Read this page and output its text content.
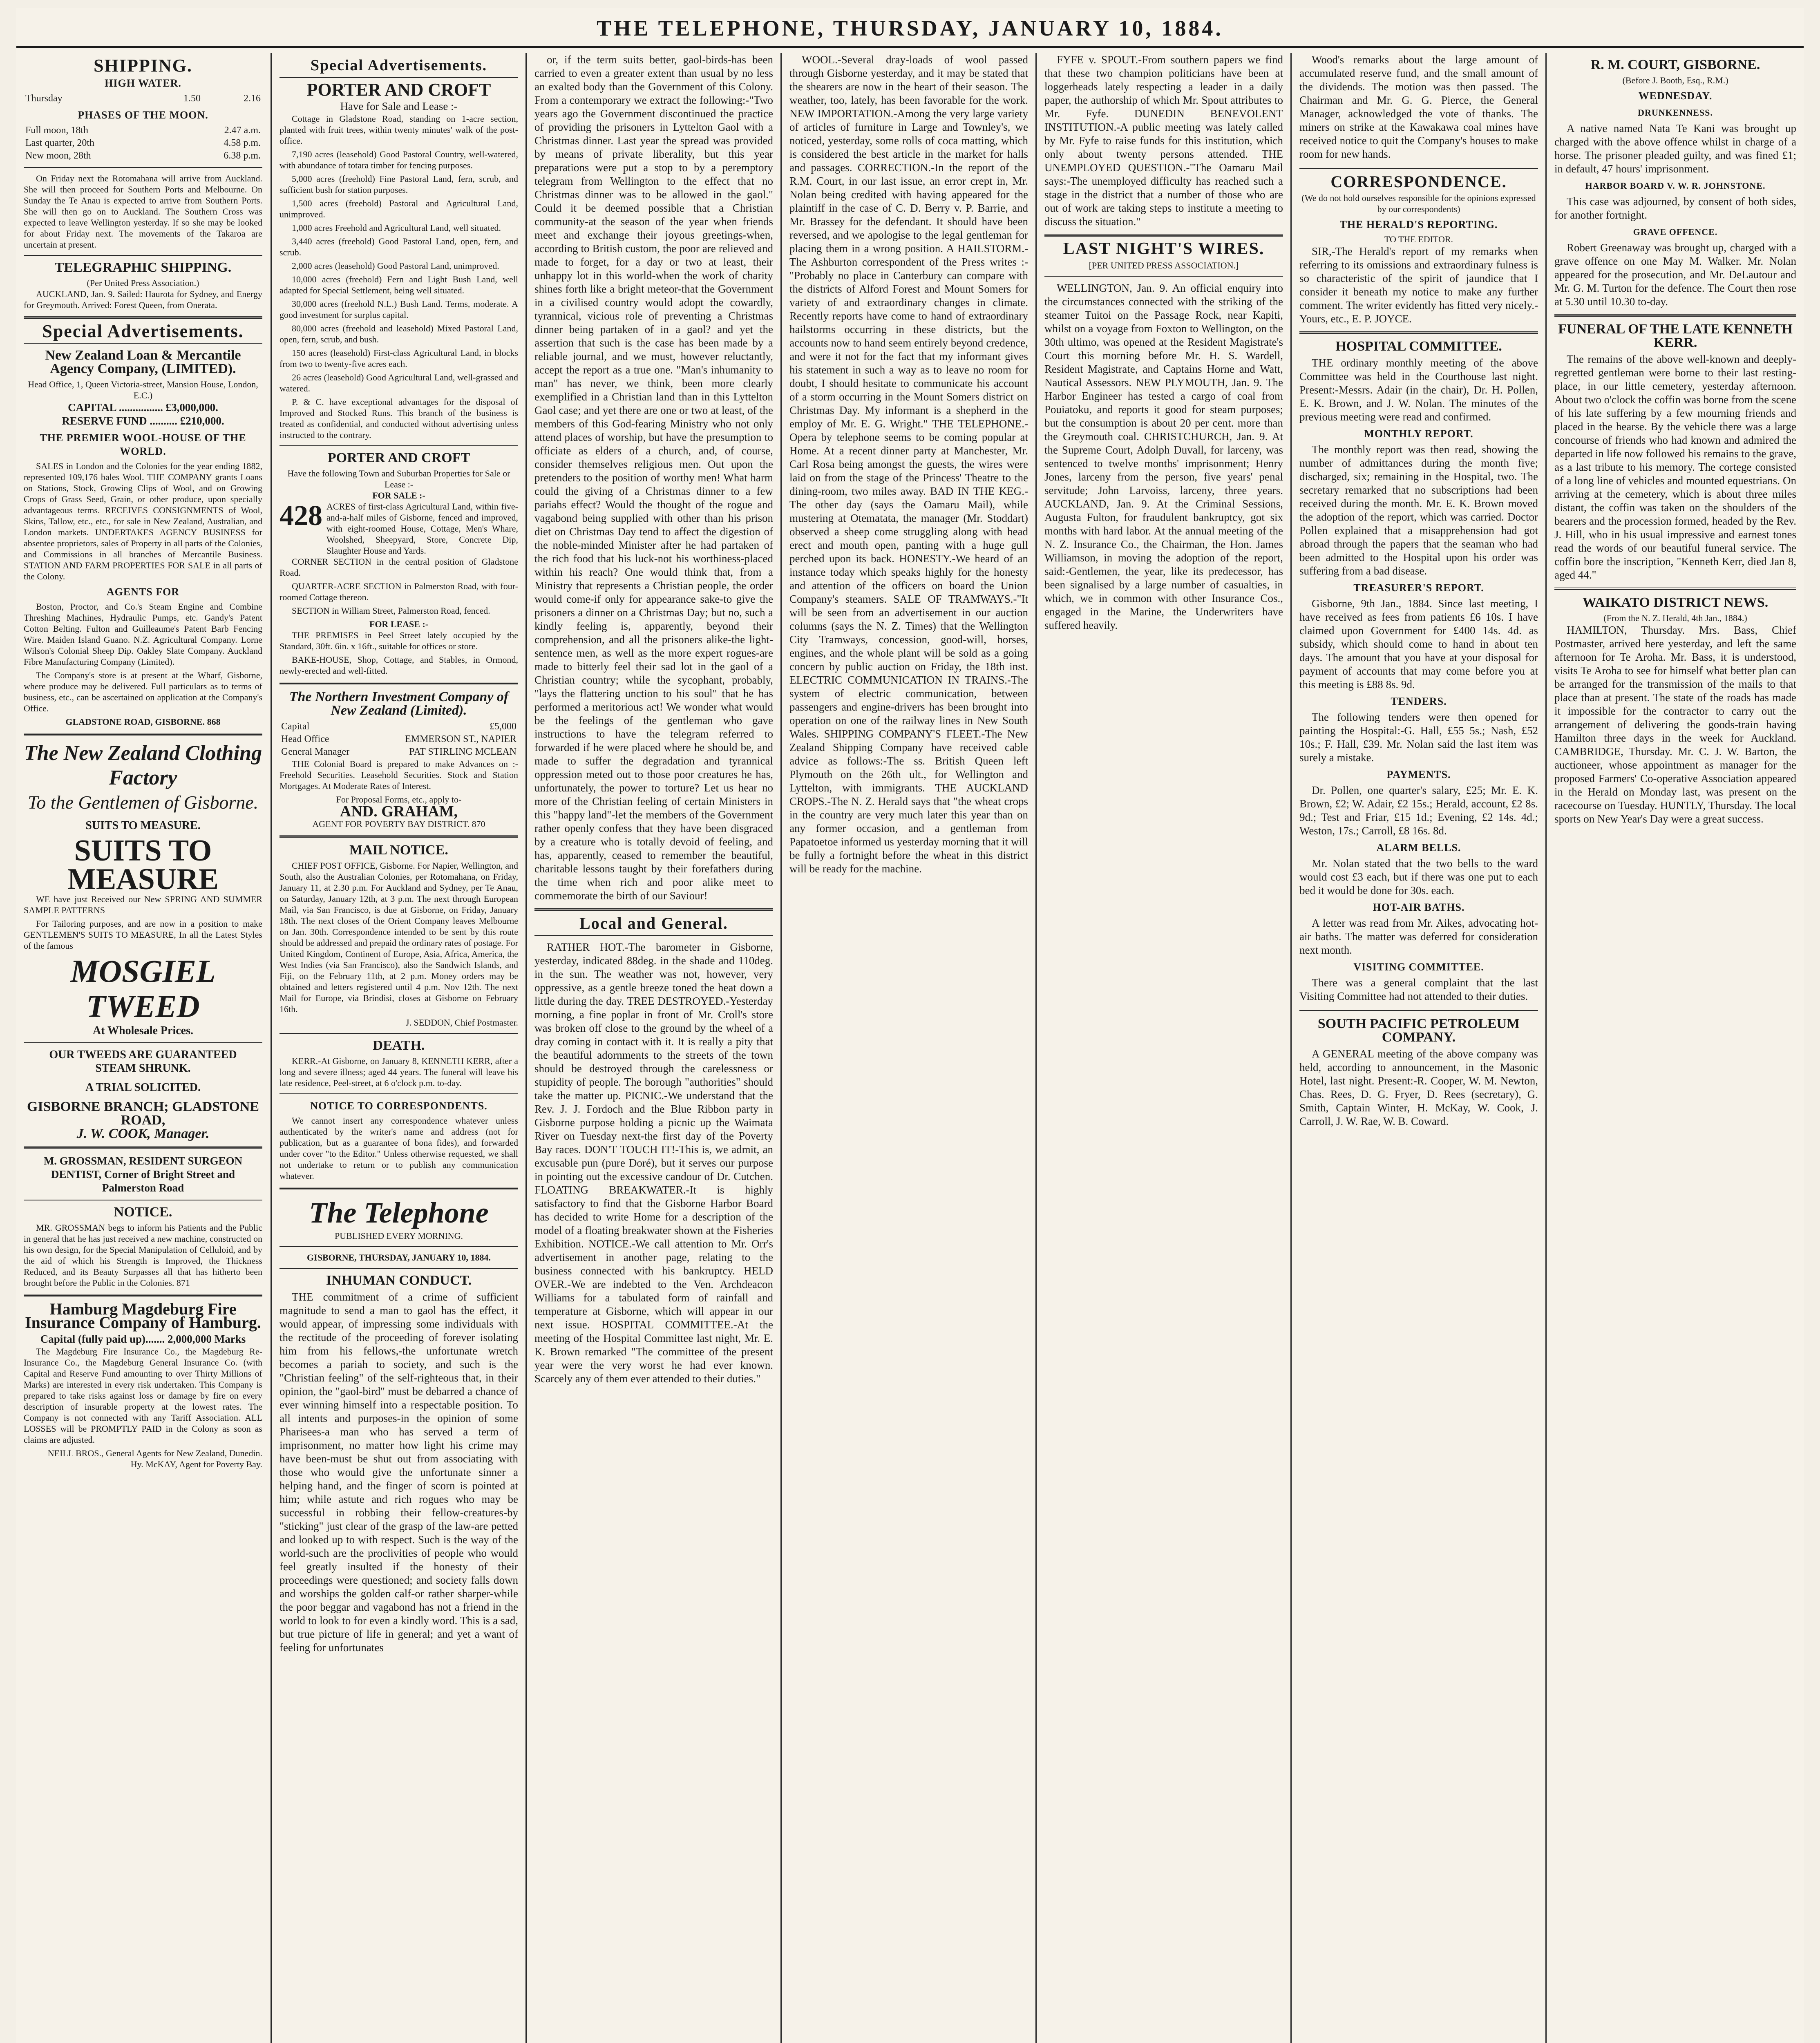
THE TELEPHONE, THURSDAY, JANUARY 10, 1884.
SHIPPING.
HIGH WATER.
Thursday	1.50	2.16
PHASES OF THE MOON.
Full moon, 18th	2.47 a.m.
Last quarter, 20th	4.58 p.m.
New moon, 28th	6.38 p.m.

On Friday next the Rotomahana will arrive from Auckland. She will then proceed for Southern Ports and Melbourne. On Sunday the Te Anau is expected to arrive from Southern Ports. She will then go on to Auckland. The Southern Cross was expected to leave Wellington yesterday. If so she may be looked for about Friday next. The movements of the Takaroa are uncertain at present.

TELEGRAPHIC SHIPPING.
(Per United Press Association.)

AUCKLAND, Jan. 9. Sailed: Haurota for Sydney, and Energy for Greymouth. Arrived: Forest Queen, from Onerata.

Special Advertisements.
New Zealand Loan & Mercantile Agency Company, (LIMITED).
Head Office, 1, Queen Victoria-street, Mansion House, London, E.C.)
CAPITAL ................ £3,000,000.
RESERVE FUND .......... £210,000.
THE PREMIER WOOL-HOUSE OF THE WORLD.

SALES in London and the Colonies for the year ending 1882, represented 109,176 bales Wool. THE COMPANY grants Loans on Stations, Stock, Growing Clips of Wool, and on Growing Crops of Grass Seed, Grain, or other produce, upon specially advantageous terms. RECEIVES CONSIGNMENTS of Wool, Skins, Tallow, etc., etc., for sale in New Zealand, Australian, and London markets. UNDERTAKES AGENCY BUSINESS for absentee proprietors, sales of Property in all parts of the Colonies, and Commissions in all branches of Mercantile Business. STATION AND FARM PROPERTIES FOR SALE in all parts of the Colony.

AGENTS FOR

Boston, Proctor, and Co.'s Steam Engine and Combine Threshing Machines, Hydraulic Pumps, etc. Gandy's Patent Cotton Belting. Fulton and Guilleaume's Patent Barb Fencing Wire. Maiden Island Guano. N.Z. Agricultural Company. Lorne Wilson's Colonial Sheep Dip. Oakley Slate Company. Auckland Fibre Manufacturing Company (Limited).

The Company's store is at present at the Wharf, Gisborne, where produce may be delivered. Full particulars as to terms of business, etc., can be ascertained on application at the Company's Office.

GLADSTONE ROAD, GISBORNE. 868
The New Zealand Clothing Factory
To the Gentlemen of Gisborne.
SUITS TO MEASURE.
SUITS TO MEASURE

WE have just Received our New SPRING AND SUMMER SAMPLE PATTERNS

For Tailoring purposes, and are now in a position to make GENTLEMEN'S SUITS TO MEASURE, In all the Latest Styles of the famous

MOSGIEL
TWEED
At Wholesale Prices.
OUR TWEEDS ARE GUARANTEED
STEAM SHRUNK.
A TRIAL SOLICITED.
GISBORNE BRANCH; GLADSTONE ROAD,
J. W. COOK, Manager.
M. GROSSMAN, RESIDENT SURGEON DENTIST, Corner of Bright Street and Palmerston Road
NOTICE.

MR. GROSSMAN begs to inform his Patients and the Public in general that he has just received a new machine, constructed on his own design, for the Special Manipulation of Celluloid, and by the aid of which his Strength is Improved, the Thickness Reduced, and its Beauty Surpasses all that has hitherto been brought before the Public in the Colonies. 871

Hamburg Magdeburg Fire Insurance Company of Hamburg.
Capital (fully paid up)....... 2,000,000 Marks

The Magdeburg Fire Insurance Co., the Magdeburg Re-Insurance Co., the Magdeburg General Insurance Co. (with Capital and Reserve Fund amounting to over Thirty Millions of Marks) are interested in every risk undertaken. This Company is prepared to take risks against loss or damage by fire on every description of insurable property at the lowest rates. The Company is not connected with any Tariff Association. ALL LOSSES will be PROMPTLY PAID in the Colony as soon as claims are adjusted.

NEILL BROS., General Agents for New Zealand, Dunedin.
Hy. McKAY, Agent for Poverty Bay.
Special Advertisements.
PORTER AND CROFT
Have for Sale and Lease :-

Cottage in Gladstone Road, standing on 1-acre section, planted with fruit trees, within twenty minutes' walk of the post-office.

7,190 acres (leasehold) Good Pastoral Country, well-watered, with abundance of totara timber for fencing purposes.

5,000 acres (freehold) Fine Pastoral Land, fern, scrub, and sufficient bush for station purposes.

1,500 acres (freehold) Pastoral and Agricultural Land, unimproved.

1,000 acres Freehold and Agricultural Land, well situated.

3,440 acres (freehold) Good Pastoral Land, open, fern, and scrub.

2,000 acres (leasehold) Good Pastoral Land, unimproved.

10,000 acres (freehold) Fern and Light Bush Land, well adapted for Special Settlement, being well situated.

30,000 acres (freehold N.L.) Bush Land. Terms, moderate. A good investment for surplus capital.

80,000 acres (freehold and leasehold) Mixed Pastoral Land, open, fern, scrub, and bush.

150 acres (leasehold) First-class Agricultural Land, in blocks from two to twenty-five acres each.

26 acres (leasehold) Good Agricultural Land, well-grassed and watered.

P. & C. have exceptional advantages for the disposal of Improved and Stocked Runs. This branch of the business is treated as confidential, and conducted without advertising unless instructed to the contrary.

PORTER AND CROFT
Have the following Town and Suburban Properties for Sale or Lease :-
FOR SALE :-
428 ACRES of first-class Agricultural Land, within five-and-a-half miles of Gisborne, fenced and improved, with eight-roomed House, Cottage, Men's Whare, Woolshed, Sheepyard, Store, Concrete Dip, Slaughter House and Yards.

CORNER SECTION in the central position of Gladstone Road.

QUARTER-ACRE SECTION in Palmerston Road, with four-roomed Cottage thereon.

SECTION in William Street, Palmerston Road, fenced.

FOR LEASE :-

THE PREMISES in Peel Street lately occupied by the Standard, 30ft. 6in. x 16ft., suitable for offices or store.

BAKE-HOUSE, Shop, Cottage, and Stables, in Ormond, newly-erected and well-fitted.

The Northern Investment Company of New Zealand (Limited).
Capital	£5,000
Head Office	EMMERSON ST., NAPIER
General Manager	PAT STIRLING MCLEAN

THE Colonial Board is prepared to make Advances on :- Freehold Securities. Leasehold Securities. Stock and Station Mortgages. At Moderate Rates of Interest.

For Proposal Forms, etc., apply to-
AND. GRAHAM,
AGENT FOR POVERTY BAY DISTRICT. 870
MAIL NOTICE.

CHIEF POST OFFICE, Gisborne. For Napier, Wellington, and South, also the Australian Colonies, per Rotomahana, on Friday, January 11, at 2.30 p.m. For Auckland and Sydney, per Te Anau, on Saturday, January 12th, at 3 p.m. The next through European Mail, via San Francisco, is due at Gisborne, on Friday, January 18th. The next closes of the Orient Company leaves Melbourne on Jan. 30th. Correspondence intended to be sent by this route should be addressed and prepaid the ordinary rates of postage. For United Kingdom, Continent of Europe, Asia, Africa, America, the West Indies (via San Francisco), also the Sandwich Islands, and Fiji, on the February 11th, at 2 p.m. Money orders may be obtained and letters registered until 4 p.m. Nov 12th. The next Mail for Europe, via Brindisi, closes at Gisborne on February 16th.

J. SEDDON, Chief Postmaster.
DEATH.

KERR.-At Gisborne, on January 8, KENNETH KERR, after a long and severe illness; aged 44 years. The funeral will leave his late residence, Peel-street, at 6 o'clock p.m. to-day.

NOTICE TO CORRESPONDENTS.

We cannot insert any correspondence whatever unless authenticated by the writer's name and address (not for publication, but as a guarantee of bona fides), and forwarded under cover "to the Editor." Unless otherwise requested, we shall not undertake to return or to publish any communication whatever.

The Telephone
PUBLISHED EVERY MORNING.
GISBORNE, THURSDAY, JANUARY 10, 1884.
INHUMAN CONDUCT.

THE commitment of a crime of sufficient magnitude to send a man to gaol has the effect, it would appear, of impressing some individuals with the rectitude of the proceeding of forever isolating him from his fellows,-the unfortunate wretch becomes a pariah to society, and such is the "Christian feeling" of the self-righteous that, in their opinion, the "gaol-bird" must be debarred a chance of ever winning himself into a respectable position. To all intents and purposes-in the opinion of some Pharisees-a man who has served a term of imprisonment, no matter how light his crime may have been-must be shut out from associating with those who would give the unfortunate sinner a helping hand, and the finger of scorn is pointed at him; while astute and rich rogues who may be successful in robbing their fellow-creatures-by "sticking" just clear of the grasp of the law-are petted and looked up to with respect. Such is the way of the world-such are the proclivities of people who would feel greatly insulted if the honesty of their proceedings were questioned; and society falls down and worships the golden calf-or rather sharper-while the poor beggar and vagabond has not a friend in the world to look to for even a kindly word. This is a sad, but true picture of life in general; and yet a want of feeling for unfortunates

or, if the term suits better, gaol-birds-has been carried to even a greater extent than usual by no less an exalted body than the Government of this Colony. From a contemporary we extract the following:-"Two years ago the Government discontinued the practice of providing the prisoners in Lyttelton Gaol with a Christmas dinner. Last year the spread was provided by means of private liberality, but this year preparations were put a stop to by a peremptory telegram from Wellington to the effect that no Christmas dinner was to be allowed in the gaol." Could it be deemed possible that a Christian community-at the season of the year when friends meet and exchange their joyous greetings-when, according to British custom, the poor are relieved and made to forget, for a day or two at least, their unhappy lot in this world-when the work of charity shines forth like a bright meteor-that the Government in a civilised country would adopt the cowardly, tyrannical, vicious role of preventing a Christmas dinner being partaken of in a gaol? and yet the assertion that such is the case has been made by a reliable journal, and we must, however reluctantly, accept the report as a true one. "Man's inhumanity to man" has never, we think, been more clearly exemplified in a Christian land than in this Lyttelton Gaol case; and yet there are one or two at least, of the members of this God-fearing Ministry who not only attend places of worship, but have the presumption to officiate as elders of a church, and, of course, consider themselves religious men. Out upon the pretenders to the position of worthy men! What harm could the giving of a Christmas dinner to a few pariahs effect? Would the thought of the rogue and vagabond being supplied with other than his prison diet on Christmas Day tend to affect the digestion of the noble-minded Minister after he had partaken of the rich food that his luck-not his worthiness-placed within his reach? One would think that, from a Ministry that represents a Christian people, the order would come-if only for appearance sake-to give the prisoners a dinner on a Christmas Day; but no, such a kindly feeling is, apparently, beyond their comprehension, and all the prisoners alike-the light-sentence men, as well as the more expert rogues-are made to bitterly feel their sad lot in the gaol of a Christian country; while the sycophant, probably, "lays the flattering unction to his soul" that he has performed a meritorious act! We wonder what would be the feelings of the gentleman who gave instructions to have the telegram referred to forwarded if he were placed where he should be, and made to suffer the degradation and tyrannical oppression meted out to those poor creatures he has, unfortunately, the power to torture? Let us hear no more of the Christian feeling of certain Ministers in this "happy land"-let the members of the Government rather openly confess that they have been disgraced by a creature who is totally devoid of feeling, and has, apparently, ceased to remember the beautiful, charitable lessons taught by their forefathers during the time when rich and poor alike meet to commemorate the birth of our Saviour!

Local and General.

RATHER HOT.-The barometer in Gisborne, yesterday, indicated 88deg. in the shade and 110deg. in the sun. The weather was not, however, very oppressive, as a gentle breeze toned the heat down a little during the day. TREE DESTROYED.-Yesterday morning, a fine poplar in front of Mr. Croll's store was broken off close to the ground by the wheel of a dray coming in contact with it. It is really a pity that the beautiful adornments to the streets of the town should be destroyed through the carelessness or stupidity of people. The borough "authorities" should take the matter up. PICNIC.-We understand that the Rev. J. J. Fordoch and the Blue Ribbon party in Gisborne purpose holding a picnic up the Waimata River on Tuesday next-the first day of the Poverty Bay races. DON'T TOUCH IT!-This is, we admit, an excusable pun (pure Doré), but it serves our purpose in pointing out the excessive candour of Dr. Cutchen. FLOATING BREAKWATER.-It is highly satisfactory to find that the Gisborne Harbor Board has decided to write Home for a description of the model of a floating breakwater shown at the Fisheries Exhibition. NOTICE.-We call attention to Mr. Orr's advertisement in another page, relating to the business connected with his bankruptcy. HELD OVER.-We are indebted to the Ven. Archdeacon Williams for a tabulated form of rainfall and temperature at Gisborne, which will appear in our next issue. HOSPITAL COMMITTEE.-At the meeting of the Hospital Committee last night, Mr. E. K. Brown remarked "The committee of the present year were the very worst he had ever known. Scarcely any of them ever attended to their duties."

WOOL.-Several dray-loads of wool passed through Gisborne yesterday, and it may be stated that the shearers are now in the heart of their season. The weather, too, lately, has been favorable for the work. NEW IMPORTATION.-Among the very large variety of articles of furniture in Large and Townley's, we noticed, yesterday, some rolls of coca matting, which is considered the best article in the market for halls and passages. CORRECTION.-In the report of the R.M. Court, in our last issue, an error crept in, Mr. Nolan being credited with having appeared for the plaintiff in the case of C. D. Berry v. P. Barrie, and Mr. Brassey for the defendant. It should have been reversed, and we apologise to the legal gentleman for placing them in a wrong position. A HAILSTORM.-The Ashburton correspondent of the Press writes :-"Probably no place in Canterbury can compare with the districts of Alford Forest and Mount Somers for variety of and extraordinary changes in climate. Recently reports have come to hand of extraordinary hailstorms occurring in these districts, but the accounts now to hand seem entirely beyond credence, and were it not for the fact that my informant gives his statement in such a way as to leave no room for doubt, I should hesitate to communicate his account of a storm occurring in the Mount Somers district on Christmas Day. My informant is a shepherd in the employ of Mr. E. G. Wright." THE TELEPHONE.-Opera by telephone seems to be coming popular at Home. At a recent dinner party at Manchester, Mr. Carl Rosa being amongst the guests, the wires were laid on from the stage of the Princess' Theatre to the dining-room, two miles away. BAD IN THE KEG.-The other day (says the Oamaru Mail), while mustering at Otematata, the manager (Mr. Stoddart) observed a sheep come struggling along with head erect and mouth open, panting with a huge gull perched upon its back. HONESTY.-We heard of an instance today which speaks highly for the honesty and attention of the officers on board the Union Company's steamers. SALE OF TRAMWAYS.-"It will be seen from an advertisement in our auction columns (says the N. Z. Times) that the Wellington City Tramways, concession, good-will, horses, engines, and the whole plant will be sold as a going concern by public auction on Friday, the 18th inst. ELECTRIC COMMUNICATION IN TRAINS.-The system of electric communication, between passengers and engine-drivers has been brought into operation on one of the railway lines in New South Wales. SHIPPING COMPANY'S FLEET.-The New Zealand Shipping Company have received cable advice as follows:-The ss. British Queen left Plymouth on the 26th ult., for Wellington and Lyttelton, with immigrants. THE AUCKLAND CROPS.-The N. Z. Herald says that "the wheat crops in the country are very much later this year than on any former occasion, and a gentleman from Papatoetoe informed us yesterday morning that it will be fully a fortnight before the wheat in this district will be ready for the machine.

FYFE v. SPOUT.-From southern papers we find that these two champion politicians have been at loggerheads lately respecting a leader in a daily paper, the authorship of which Mr. Spout attributes to Mr. Fyfe. DUNEDIN BENEVOLENT INSTITUTION.-A public meeting was lately called by Mr. Fyfe to raise funds for this institution, which only about twenty persons attended. THE UNEMPLOYED QUESTION.-"The Oamaru Mail says:-The unemployed difficulty has reached such a stage in the district that a number of those who are out of work are taking steps to institute a meeting to discuss the situation."

LAST NIGHT'S WIRES.
[PER UNITED PRESS ASSOCIATION.]

WELLINGTON, Jan. 9. An official enquiry into the circumstances connected with the striking of the steamer Tuitoi on the Passage Rock, near Kapiti, whilst on a voyage from Foxton to Wellington, on the 30th ultimo, was opened at the Resident Magistrate's Court this morning before Mr. H. S. Wardell, Resident Magistrate, and Captains Horne and Watt, Nautical Assessors. NEW PLYMOUTH, Jan. 9. The Harbor Engineer has tested a cargo of coal from Pouiatoku, and reports it good for steam purposes; but the consumption is about 20 per cent. more than the Greymouth coal. CHRISTCHURCH, Jan. 9. At the Supreme Court, Adolph Duvall, for larceny, was sentenced to twelve months' imprisonment; Henry Jones, larceny from the person, five years' penal servitude; John Larvoiss, larceny, three years. AUCKLAND, Jan. 9. At the Criminal Sessions, Augusta Fulton, for fraudulent bankruptcy, got six months with hard labor. At the annual meeting of the N. Z. Insurance Co., the Chairman, the Hon. James Williamson, in moving the adoption of the report, said:-Gentlemen, the year, like its predecessor, has been signalised by a large number of casualties, in which, we in common with other Insurance Cos., engaged in the Marine, the Underwriters have suffered heavily.

Wood's remarks about the large amount of accumulated reserve fund, and the small amount of the dividends. The motion was then passed. The Chairman and Mr. G. G. Pierce, the General Manager, acknowledged the vote of thanks. The miners on strike at the Kawakawa coal mines have received notice to quit the Company's houses to make room for new hands.

CORRESPONDENCE.
(We do not hold ourselves responsible for the opinions expressed by our correspondents)
THE HERALD'S REPORTING.
TO THE EDITOR.

SIR,-The Herald's report of my remarks when referring to its omissions and extraordinary fulness is so characteristic of the spirit of jaundice that I consider it beneath my notice to make any further comment. The writer evidently has fitted very nicely.-Yours, etc., E. P. JOYCE.

HOSPITAL COMMITTEE.

THE ordinary monthly meeting of the above Committee was held in the Courthouse last night. Present:-Messrs. Adair (in the chair), Dr. H. Pollen, E. K. Brown, and J. W. Nolan. The minutes of the previous meeting were read and confirmed.

MONTHLY REPORT.

The monthly report was then read, showing the number of admittances during the month five; discharged, six; remaining in the Hospital, two. The secretary remarked that no subscriptions had been received during the month. Mr. E. K. Brown moved the adoption of the report, which was carried. Doctor Pollen explained that a misapprehension had got abroad through the papers that the seaman who had been admitted to the Hospital upon his order was suffering from a bad disease.

TREASURER'S REPORT.

Gisborne, 9th Jan., 1884. Since last meeting, I have received as fees from patients £6 10s. I have claimed upon Government for £400 14s. 4d. as subsidy, which should come to hand in about ten days. The amount that you have at your disposal for payment of accounts that may come before you at this meeting is £88 8s. 9d.

TENDERS.

The following tenders were then opened for painting the Hospital:-G. Hall, £55 5s.; Nash, £52 10s.; F. Hall, £39. Mr. Nolan said the last item was surely a mistake.

PAYMENTS.

Dr. Pollen, one quarter's salary, £25; Mr. E. K. Brown, £2; W. Adair, £2 15s.; Herald, account, £2 8s. 9d.; Test and Friar, £15 1d.; Evening, £2 14s. 4d.; Weston, 17s.; Carroll, £8 16s. 8d.

ALARM BELLS.

Mr. Nolan stated that the two bells to the ward would cost £3 each, but if there was one put to each bed it would be done for 30s. each.

HOT-AIR BATHS.

A letter was read from Mr. Aikes, advocating hot-air baths. The matter was deferred for consideration next month.

VISITING COMMITTEE.

There was a general complaint that the last Visiting Committee had not attended to their duties.

SOUTH PACIFIC PETROLEUM COMPANY.

A GENERAL meeting of the above company was held, according to announcement, in the Masonic Hotel, last night. Present:-R. Cooper, W. M. Newton, Chas. Rees, D. G. Fryer, D. Rees (secretary), G. Smith, Captain Winter, H. McKay, W. Cook, J. Carroll, J. W. Rae, W. B. Coward.

R. M. COURT, GISBORNE.
(Before J. Booth, Esq., R.M.)
WEDNESDAY.
DRUNKENNESS.

A native named Nata Te Kani was brought up charged with the above offence whilst in charge of a horse. The prisoner pleaded guilty, and was fined £1; in default, 47 hours' imprisonment.

HARBOR BOARD V. W. R. JOHNSTONE.

This case was adjourned, by consent of both sides, for another fortnight.

GRAVE OFFENCE.

Robert Greenaway was brought up, charged with a grave offence on one May M. Walker. Mr. Nolan appeared for the prosecution, and Mr. DeLautour and Mr. G. M. Turton for the defence. The Court then rose at 5.30 until 10.30 to-day.

FUNERAL OF THE LATE KENNETH KERR.

The remains of the above well-known and deeply-regretted gentleman were borne to their last resting-place, in our little cemetery, yesterday afternoon. About two o'clock the coffin was borne from the scene of his late suffering by a few mourning friends and placed in the hearse. By the vehicle there was a large concourse of friends who had known and admired the departed in life now followed his remains to the grave, as a last tribute to his memory. The cortege consisted of a long line of vehicles and mounted equestrians. On arriving at the cemetery, which is about three miles distant, the coffin was taken on the shoulders of the bearers and the procession formed, headed by the Rev. J. Hill, who in his usual impressive and earnest tones read the words of our beautiful funeral service. The coffin bore the inscription, "Kenneth Kerr, died Jan 8, aged 44."

WAIKATO DISTRICT NEWS.
(From the N. Z. Herald, 4th Jan., 1884.)

HAMILTON, Thursday. Mrs. Bass, Chief Postmaster, arrived here yesterday, and left the same afternoon for Te Aroha. Mr. Bass, it is understood, visits Te Aroha to see for himself what better plan can be arranged for the transmission of the mails to that place than at present. The state of the roads has made it impossible for the contractor to carry out the arrangement of delivering the goods-train having Hamilton three days in the week for Auckland. CAMBRIDGE, Thursday. Mr. C. J. W. Barton, the auctioneer, whose appointment as manager for the proposed Farmers' Co-operative Association appeared in the Herald on Monday last, was present on the racecourse on Tuesday. HUNTLY, Thursday. The local sports on New Year's Day were a great success.
